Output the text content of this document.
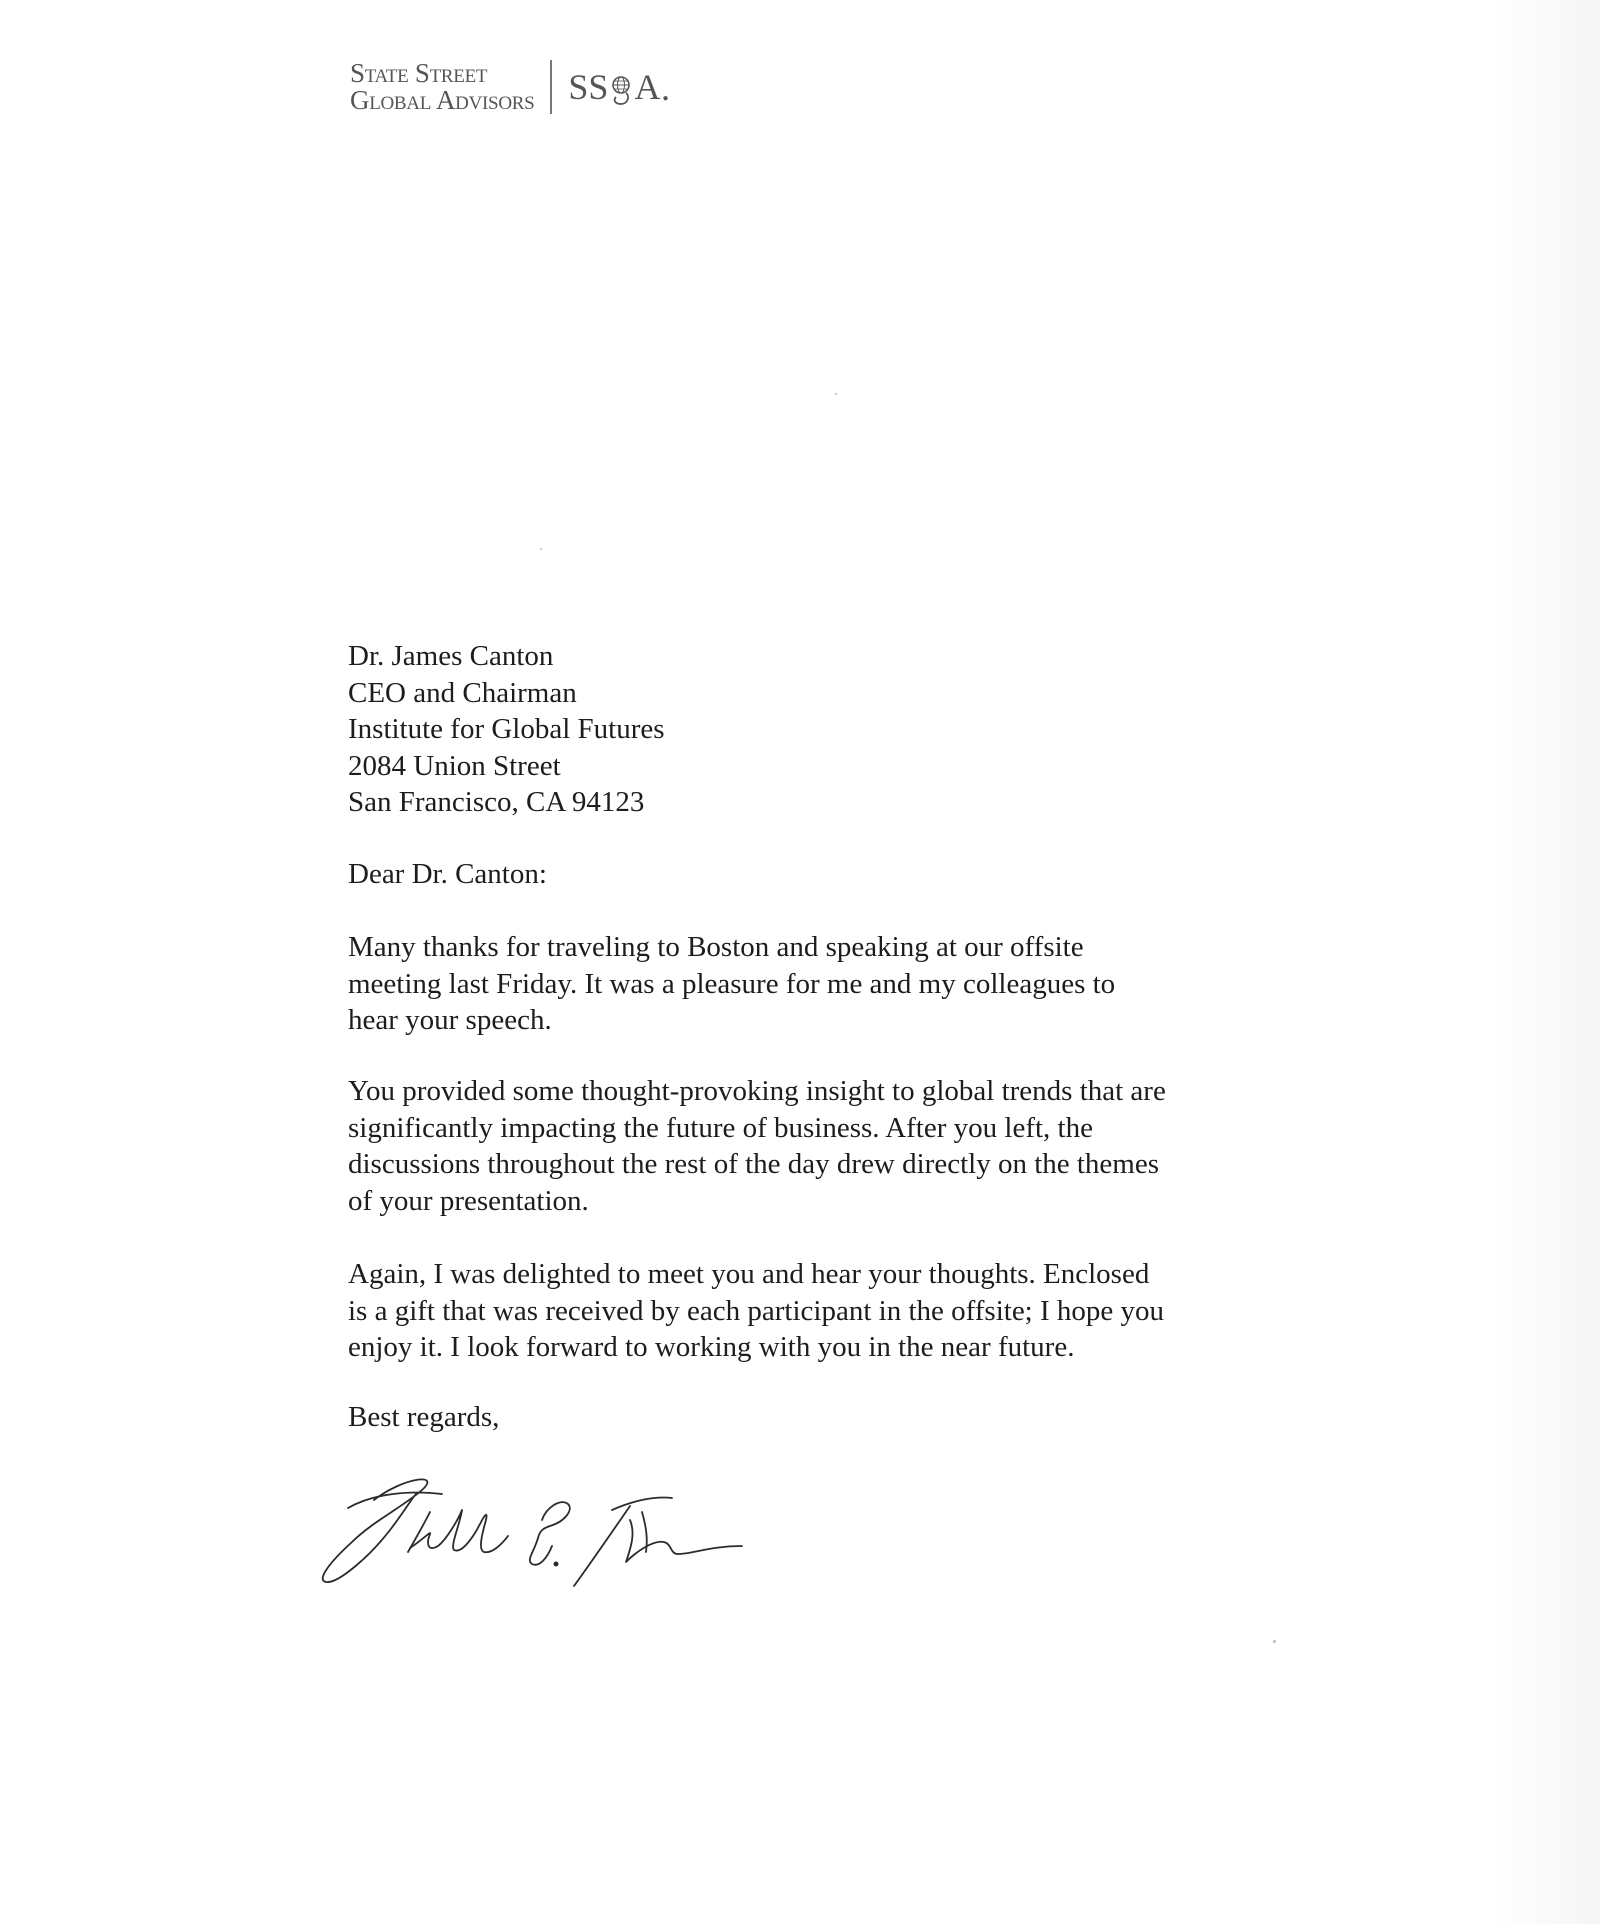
State Street
Global Advisors SS A ●

Dr. James Canton

CEO and Chairman

Institute for Global Futures

2084 Union Street

San Francisco, CA 94123

Dear Dr. Canton:

Many thanks for traveling to Boston and speaking at our offsite

meeting last Friday. It was a pleasure for me and my colleagues to

hear your speech.

You provided some thought-provoking insight to global trends that are

significantly impacting the future of business. After you left, the

discussions throughout the rest of the day drew directly on the themes

of your presentation.

Again, I was delighted to meet you and hear your thoughts. Enclosed

is a gift that was received by each participant in the offsite; I hope you

enjoy it. I look forward to working with you in the near future.

Best regards,
